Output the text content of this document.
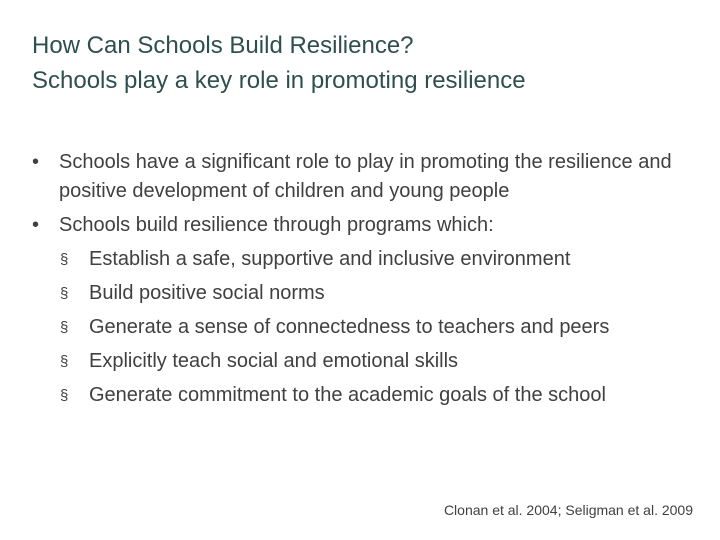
How Can Schools Build Resilience?
Schools play a key role in promoting resilience
• Schools have a significant role to play in promoting the resilience and positive development of children and young people
• Schools build resilience through programs which:
§ Establish a safe, supportive and inclusive environment
§ Build positive social norms
§ Generate a sense of connectedness to teachers and peers
§ Explicitly teach social and emotional skills
§ Generate commitment to the academic goals of the school
Clonan et al. 2004; Seligman et al. 2009
